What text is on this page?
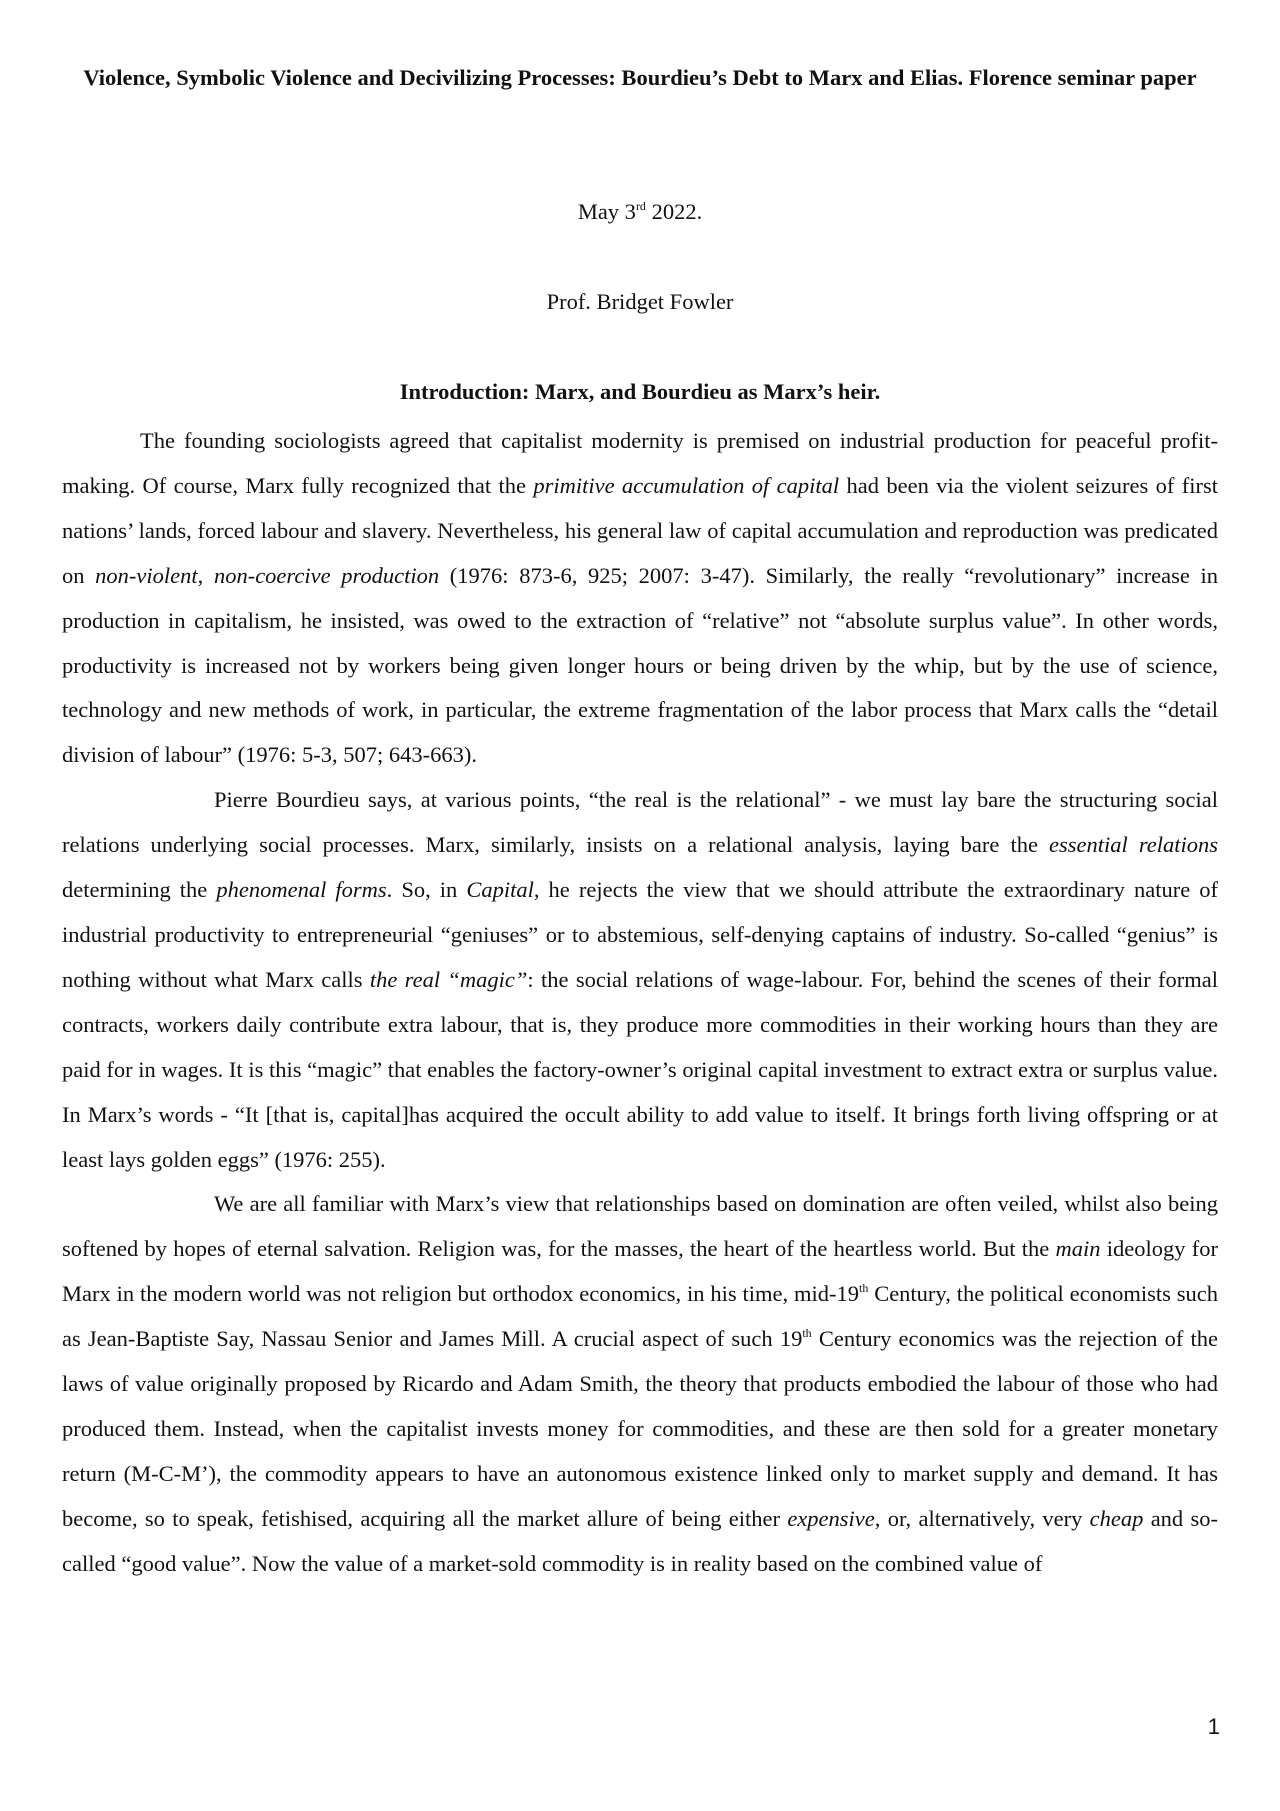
Violence, Symbolic Violence and Decivilizing Processes: Bourdieu’s Debt to Marx and Elias. Florence seminar paper
May 3rd 2022.
Prof. Bridget Fowler
Introduction: Marx, and Bourdieu as Marx’s heir.

The founding sociologists agreed that capitalist modernity is premised on industrial production for peaceful profit-making. Of course, Marx fully recognized that the primitive accumulation of capital had been via the violent seizures of first nations’ lands, forced labour and slavery. Nevertheless, his general law of capital accumulation and reproduction was predicated on non-violent, non-coercive production (1976: 873-6, 925; 2007: 3-47). Similarly, the really “revolutionary” increase in production in capitalism, he insisted, was owed to the extraction of “relative” not “absolute surplus value”. In other words, productivity is increased not by workers being given longer hours or being driven by the whip, but by the use of science, technology and new methods of work, in particular, the extreme fragmentation of the labor process that Marx calls the “detail division of labour” (1976: 5-3, 507; 643-663).

Pierre Bourdieu says, at various points, “the real is the relational” - we must lay bare the structuring social relations underlying social processes. Marx, similarly, insists on a relational analysis, laying bare the essential relations determining the phenomenal forms. So, in Capital, he rejects the view that we should attribute the extraordinary nature of industrial productivity to entrepreneurial “geniuses” or to abstemious, self-denying captains of industry. So-called “genius” is nothing without what Marx calls the real “magic”: the social relations of wage-labour. For, behind the scenes of their formal contracts, workers daily contribute extra labour, that is, they produce more commodities in their working hours than they are paid for in wages. It is this “magic” that enables the factory-owner’s original capital investment to extract extra or surplus value. In Marx’s words - “It [that is, capital]has acquired the occult ability to add value to itself. It brings forth living offspring or at least lays golden eggs” (1976: 255).

We are all familiar with Marx’s view that relationships based on domination are often veiled, whilst also being softened by hopes of eternal salvation. Religion was, for the masses, the heart of the heartless world. But the main ideology for Marx in the modern world was not religion but orthodox economics, in his time, mid-19th Century, the political economists such as Jean-Baptiste Say, Nassau Senior and James Mill. A crucial aspect of such 19th Century economics was the rejection of the laws of value originally proposed by Ricardo and Adam Smith, the theory that products embodied the labour of those who had produced them. Instead, when the capitalist invests money for commodities, and these are then sold for a greater monetary return (M-C-M’), the commodity appears to have an autonomous existence linked only to market supply and demand. It has become, so to speak, fetishised, acquiring all the market allure of being either expensive, or, alternatively, very cheap and so-called “good value”. Now the value of a market-sold commodity is in reality based on the combined value of

1
